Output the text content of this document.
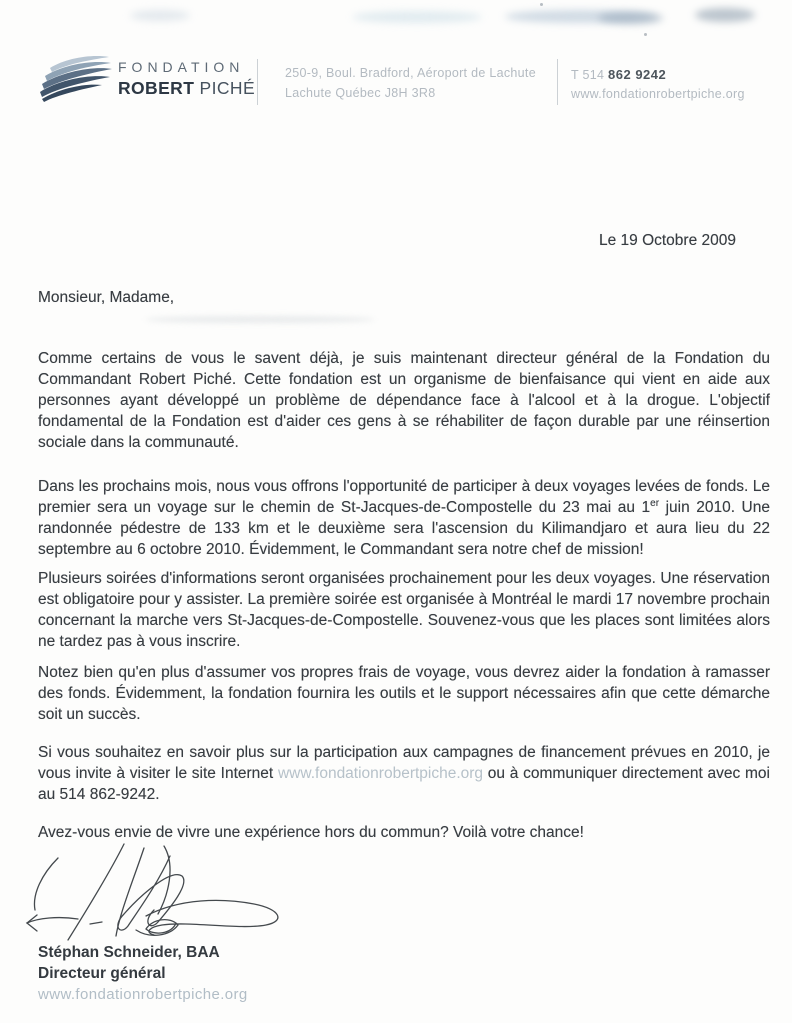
FONDATION
ROBERT PICHÉ
250-9, Boul. Bradford, Aéroport de Lachute
Lachute Québec J8H 3R8
T 514 862 9242
www.fondationrobertpiche.org
Le 19 Octobre 2009
Monsieur, Madame,

Comme certains de vous le savent déjà, je suis maintenant directeur général de la Fondation du Commandant Robert Piché. Cette fondation est un organisme de bienfaisance qui vient en aide aux personnes ayant développé un problème de dépendance face à l'alcool et à la drogue. L'objectif fondamental de la Fondation est d'aider ces gens à se réhabiliter de façon durable par une réinsertion sociale dans la communauté.

Dans les prochains mois, nous vous offrons l'opportunité de participer à deux voyages levées de fonds. Le premier sera un voyage sur le chemin de St-Jacques-de-Compostelle du 23 mai au 1er juin 2010. Une randonnée pédestre de 133 km et le deuxième sera l'ascension du Kilimandjaro et aura lieu du 22 septembre au 6 octobre 2010. Évidemment, le Commandant sera notre chef de mission!

Plusieurs soirées d'informations seront organisées prochainement pour les deux voyages. Une réservation est obligatoire pour y assister. La première soirée est organisée à Montréal le mardi 17 novembre prochain concernant la marche vers St-Jacques-de-Compostelle. Souvenez-vous que les places sont limitées alors ne tardez pas à vous inscrire.

Notez bien qu'en plus d'assumer vos propres frais de voyage, vous devrez aider la fondation à ramasser des fonds. Évidemment, la fondation fournira les outils et le support nécessaires afin que cette démarche soit un succès.

Si vous souhaitez en savoir plus sur la participation aux campagnes de financement prévues en 2010, je vous invite à visiter le site Internet www.fondationrobertpiche.org ou à communiquer directement avec moi au 514 862-9242.

Avez-vous envie de vivre une expérience hors du commun? Voilà votre chance!

Stéphan Schneider, BAA
Directeur général
www.fondationrobertpiche.org
